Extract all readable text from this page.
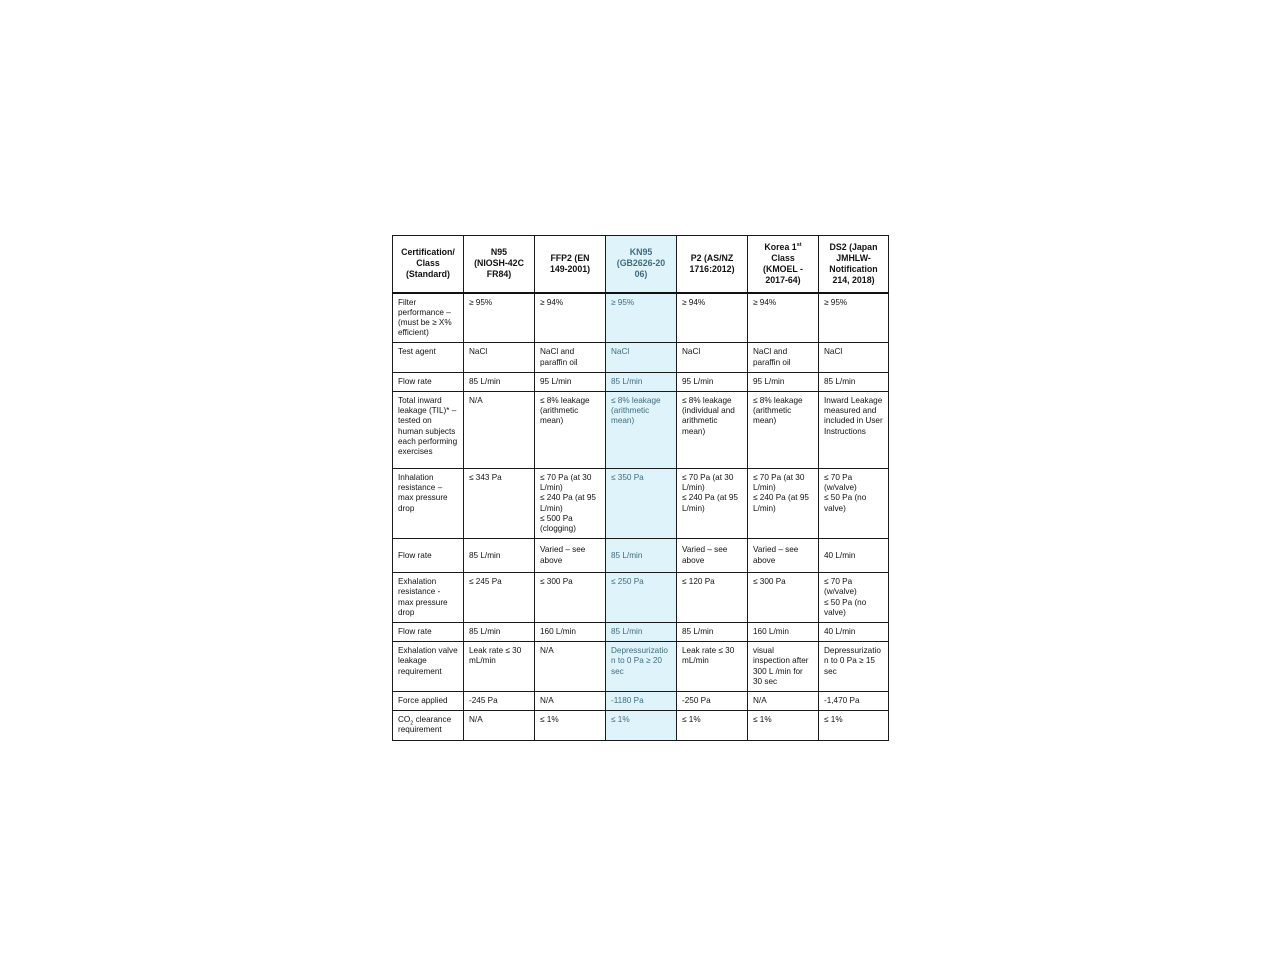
Certification/
Class
(Standard)	N95
(NIOSH-42C
FR84)	FFP2 (EN
149-2001)	KN95
(GB2626-20
06)	P2 (AS/NZ
1716:2012)	Korea 1st
Class
(KMOEL -
2017-64)	DS2 (Japan
JMHLW-
Notification
214, 2018)

Filter performance – (must be ≥ X% efficient)	≥ 95%	≥ 94%	≥ 95%	≥ 94%	≥ 94%	≥ 95%
Test agent	NaCl	NaCl and paraffin oil	NaCl	NaCl	NaCl and paraffin oil	NaCl
Flow rate	85 L/min	95 L/min	85 L/min	95 L/min	95 L/min	85 L/min
Total inward leakage (TIL)* – tested on human subjects each performing exercises	N/A	≤ 8% leakage (arithmetic mean)	≤ 8% leakage (arithmetic mean)	≤ 8% leakage (individual and arithmetic mean)	≤ 8% leakage (arithmetic mean)	Inward Leakage measured and included in User Instructions
Inhalation resistance – max pressure drop	≤ 343 Pa	≤ 70 Pa (at 30 L/min)
≤ 240 Pa (at 95 L/min)
≤ 500 Pa (clogging)	≤ 350 Pa	≤ 70 Pa (at 30 L/min)
≤ 240 Pa (at 95 L/min)	≤ 70 Pa (at 30 L/min)
≤ 240 Pa (at 95 L/min)	≤ 70 Pa (w/valve)
≤ 50 Pa (no valve)

Flow rate	85 L/min	Varied – see above	85 L/min	Varied – see above	Varied – see above	40 L/min
Exhalation resistance - max pressure drop	≤ 245 Pa	≤ 300 Pa	≤ 250 Pa	≤ 120 Pa	≤ 300 Pa	≤ 70 Pa (w/valve)
≤ 50 Pa (no valve)

Flow rate	85 L/min	160 L/min	85 L/min	85 L/min	160 L/min	40 L/min
Exhalation valve leakage requirement	Leak rate ≤ 30 mL/min	N/A	Depressurizatio n to 0 Pa ≥ 20 sec	Leak rate ≤ 30 mL/min	visual inspection after 300 L /min for 30 sec	Depressurizatio n to 0 Pa ≥ 15 sec
Force applied	-245 Pa	N/A	-1180 Pa	-250 Pa	N/A	-1,470 Pa
$CO_2$ clearance requirement	N/A	≤ 1%	≤ 1%	≤ 1%	≤ 1%	≤ 1%
